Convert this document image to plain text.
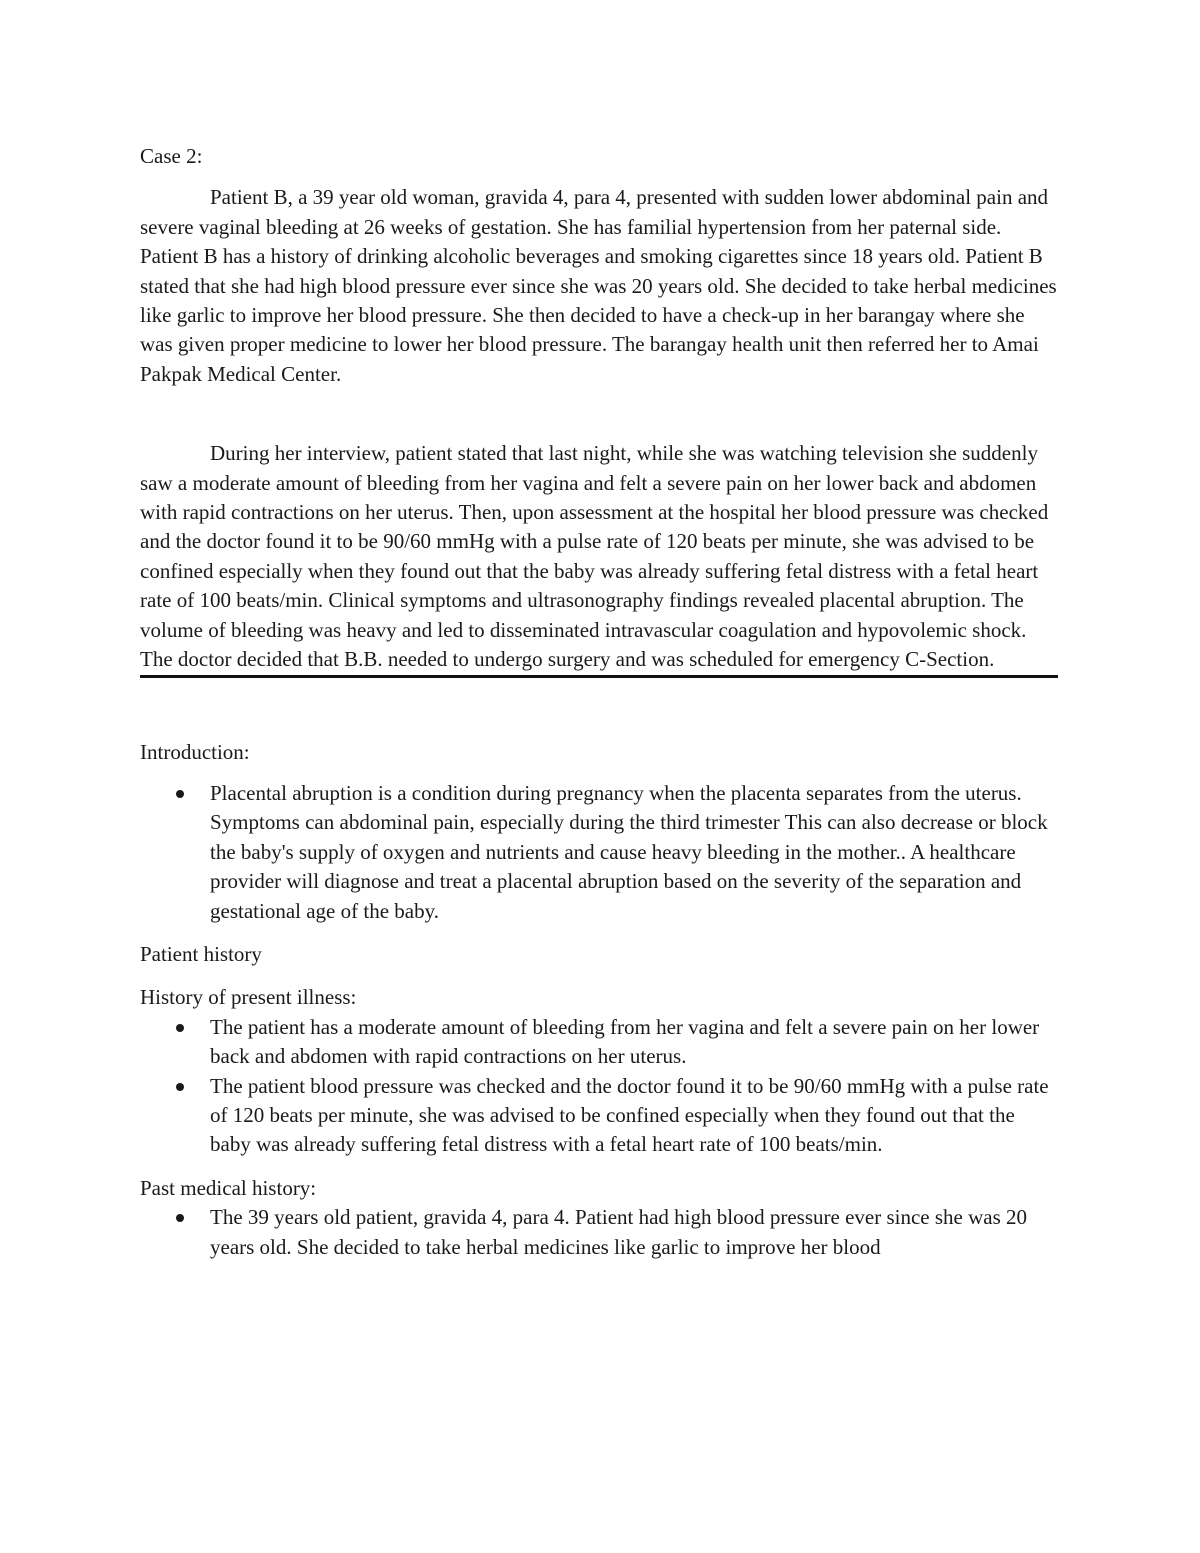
Case 2:

Patient B, a 39 year old woman, gravida 4, para 4, presented with sudden lower abdominal pain and severe vaginal bleeding at 26 weeks of gestation. She has familial hypertension from her paternal side. Patient B has a history of drinking alcoholic beverages and smoking cigarettes since 18 years old. Patient B stated that she had high blood pressure ever since she was 20 years old. She decided to take herbal medicines like garlic to improve her blood pressure. She then decided to have a check-up in her barangay where she was given proper medicine to lower her blood pressure. The barangay health unit then referred her to Amai Pakpak Medical Center.

During her interview, patient stated that last night, while she was watching television she suddenly saw a moderate amount of bleeding from her vagina and felt a severe pain on her lower back and abdomen with rapid contractions on her uterus. Then, upon assessment at the hospital her blood pressure was checked and the doctor found it to be 90/60 mmHg with a pulse rate of 120 beats per minute, she was advised to be confined especially when they found out that the baby was already suffering fetal distress with a fetal heart rate of 100 beats/min. Clinical symptoms and ultrasonography findings revealed placental abruption. The volume of bleeding was heavy and led to disseminated intravascular coagulation and hypovolemic shock. The doctor decided that B.B. needed to undergo surgery and was scheduled for emergency C-Section.

Introduction:

Placental abruption is a condition during pregnancy when the placenta separates from the uterus. Symptoms can abdominal pain, especially during the third trimester This can also decrease or block the baby's supply of oxygen and nutrients and cause heavy bleeding in the mother.. A healthcare provider will diagnose and treat a placental abruption based on the severity of the separation and gestational age of the baby.

Patient history

History of present illness:

The patient has a moderate amount of bleeding from her vagina and felt a severe pain on her lower back and abdomen with rapid contractions on her uterus.
The patient blood pressure was checked and the doctor found it to be 90/60 mmHg with a pulse rate of 120 beats per minute, she was advised to be confined especially when they found out that the baby was already suffering fetal distress with a fetal heart rate of 100 beats/min.

Past medical history:

The 39 years old patient, gravida 4, para 4. Patient had high blood pressure ever since she was 20 years old. She decided to take herbal medicines like garlic to improve her blood
